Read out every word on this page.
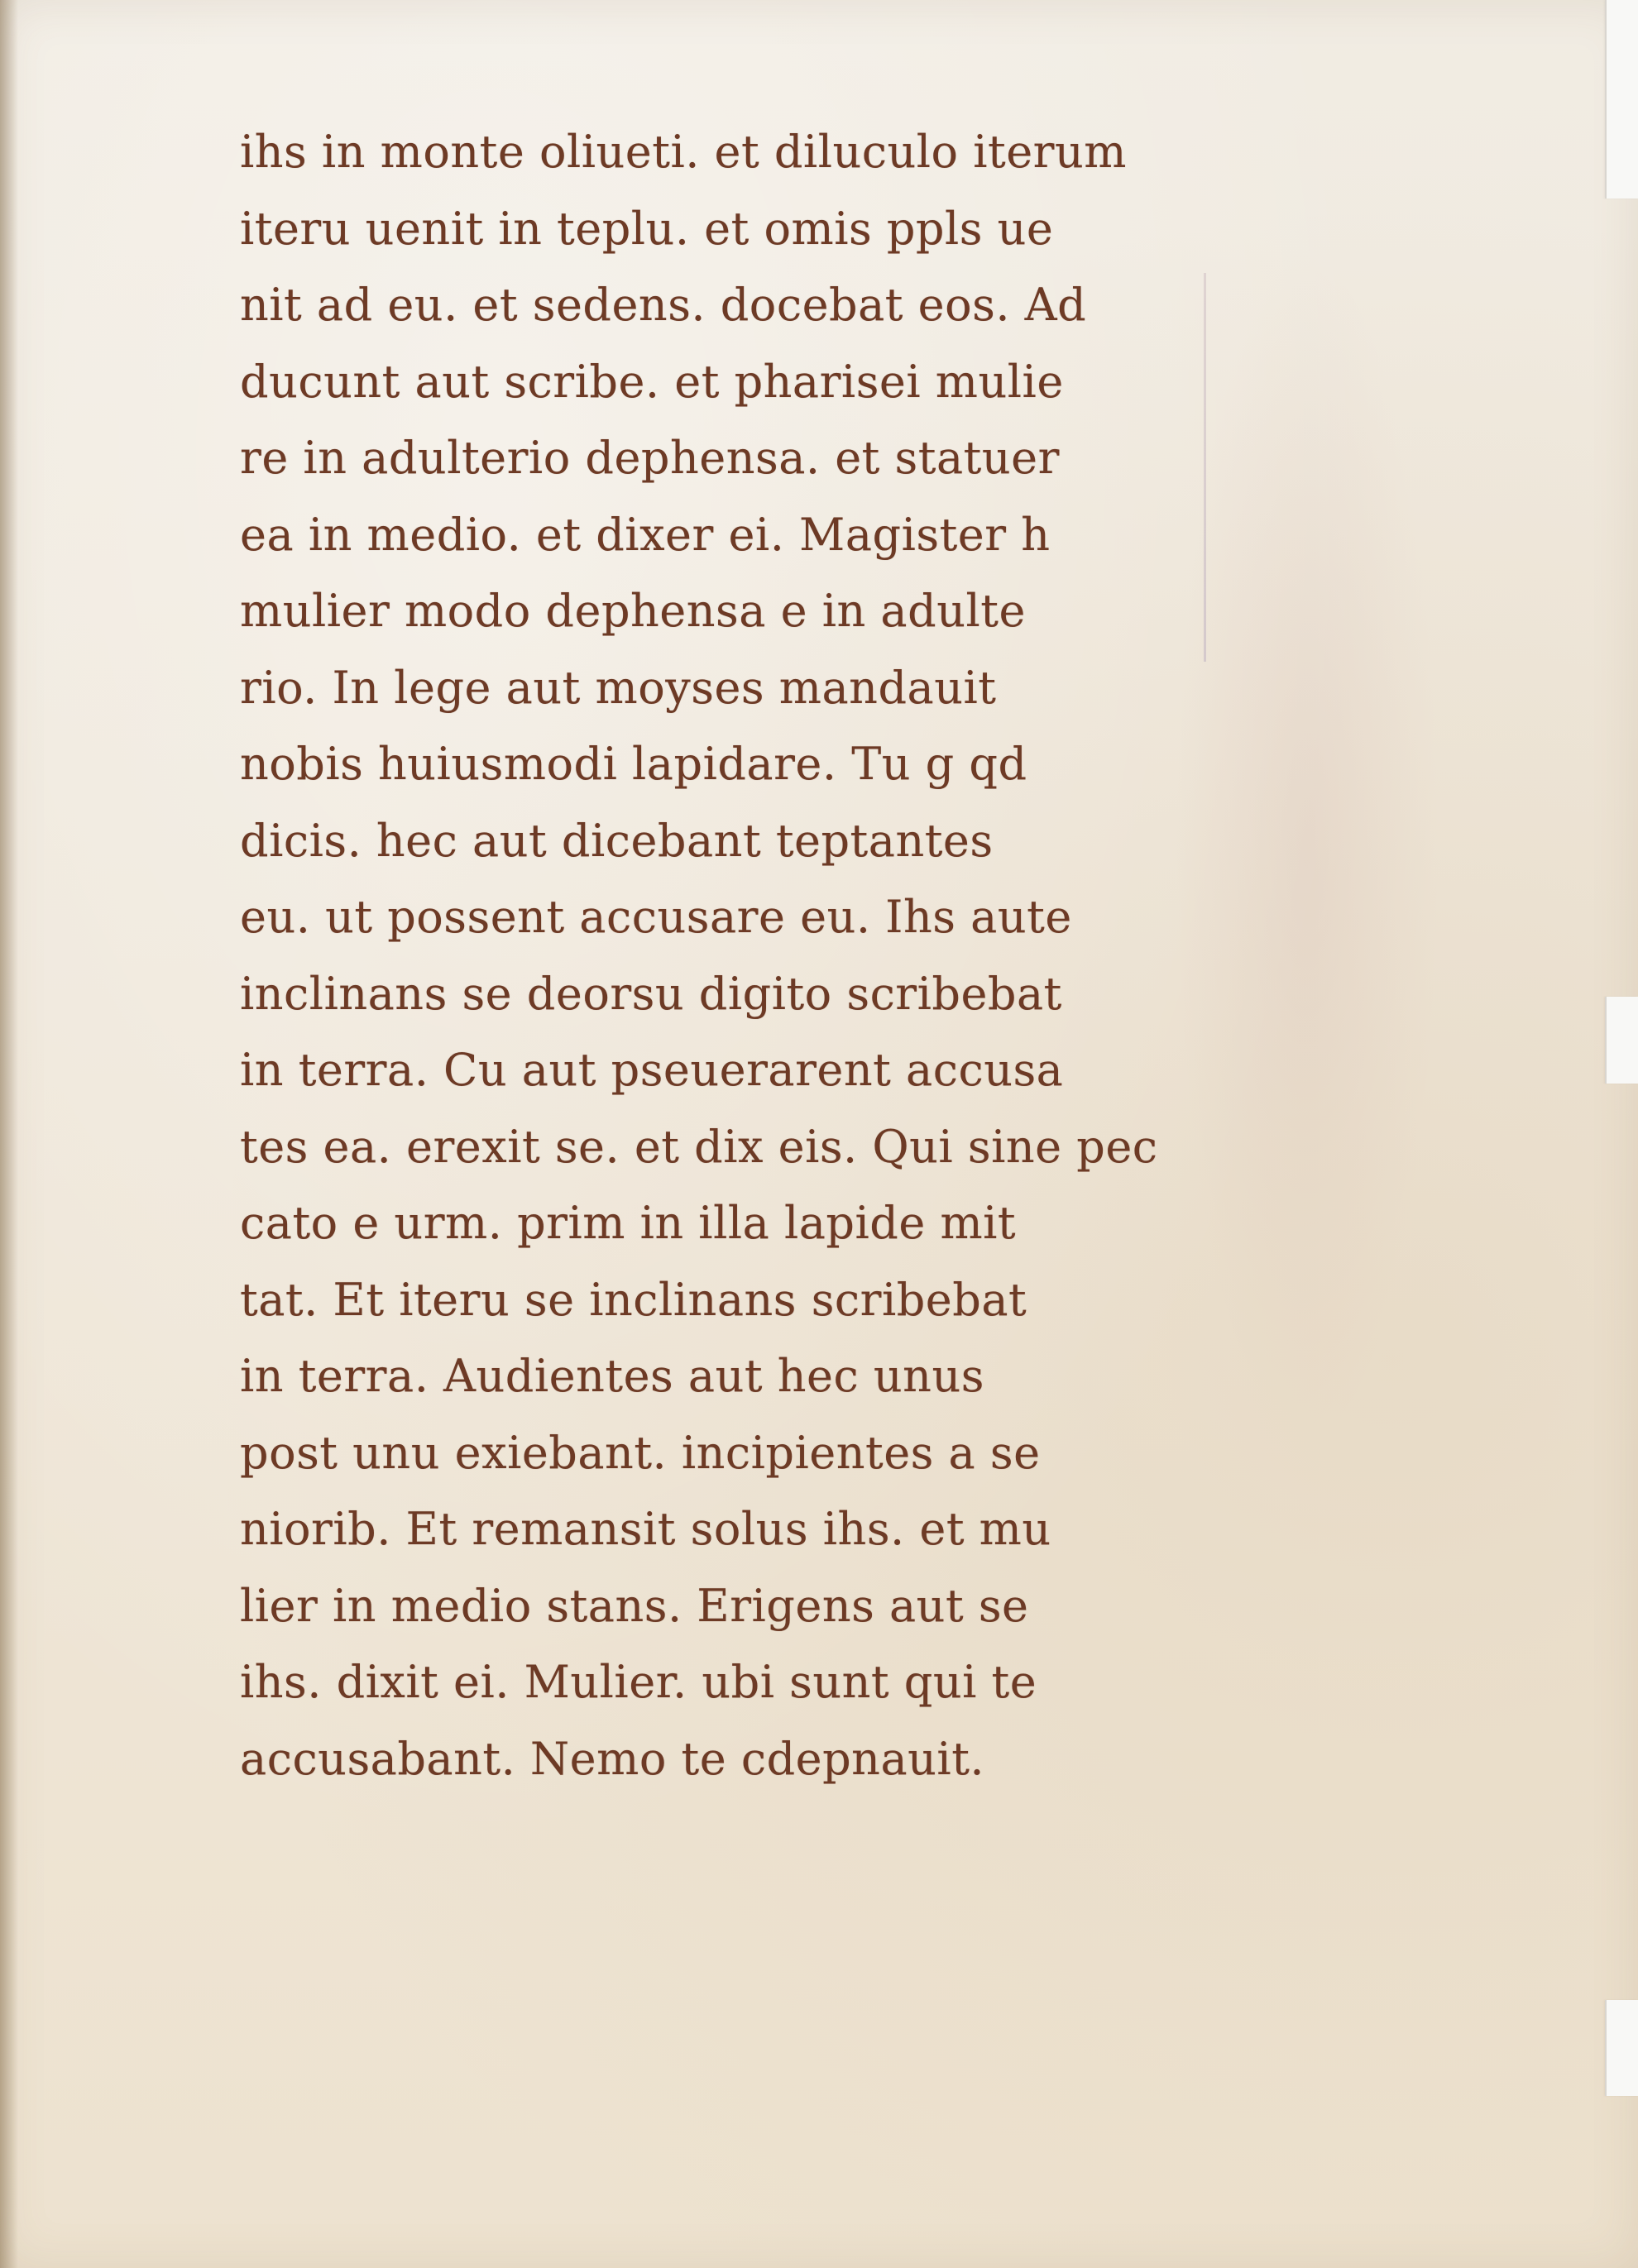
ihs in monte oliueti. et diluculo iterum
iteru uenit in teplu. et omis ppls ue
nit ad eu. et sedens. docebat eos. Ad
ducunt aut scribe. et pharisei mulie
re in adulterio dephensa. et statuer
ea in medio. et dixer ei. Magister h
mulier modo dephensa e in adulte
rio. In lege aut moyses mandauit
nobis huiusmodi lapidare. Tu g qd
dicis. hec aut dicebant teptantes
eu. ut possent accusare eu. Ihs aute
inclinans se deorsu digito scribebat
in terra. Cu aut pseuerarent accusa
tes ea. erexit se. et dix eis. Qui sine pec
cato e urm. prim in illa lapide mit
tat. Et iteru se inclinans scribebat
in terra. Audientes aut hec unus
post unu exiebant. incipientes a se
niorib. Et remansit solus ihs. et mu
lier in medio stans. Erigens aut se
ihs. dixit ei. Mulier. ubi sunt qui te
accusabant. Nemo te cdepnauit.
